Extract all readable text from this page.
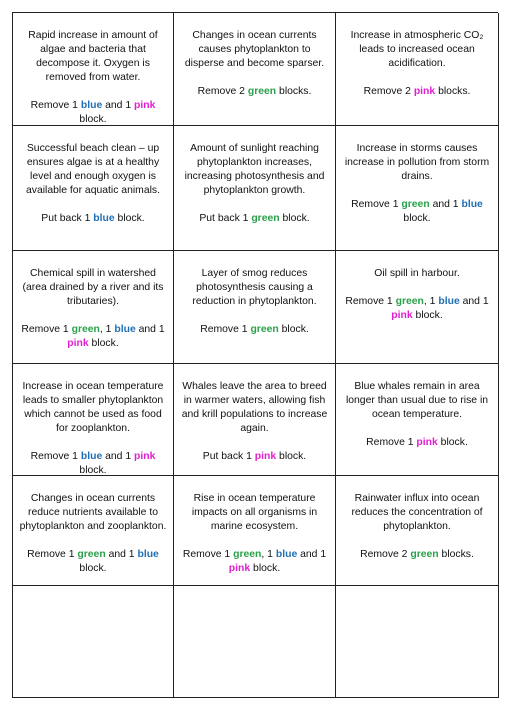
Rapid increase in amount of algae and bacteria that decompose it. Oxygen is removed from water.

Remove 1 blue and 1 pink block.

Changes in ocean currents causes phytoplankton to disperse and become sparser.

Remove 2 green blocks.

Increase in atmospheric CO₂ leads to increased ocean acidification.

Remove 2 pink blocks.

Successful beach clean – up ensures algae is at a healthy level and enough oxygen is available for aquatic animals.

Put back 1 blue block.

Amount of sunlight reaching phytoplankton increases, increasing photosynthesis and phytoplankton growth.

Put back 1 green block.

Increase in storms causes increase in pollution from storm drains.

Remove 1 green and 1 blue block.

Chemical spill in watershed (area drained by a river and its tributaries).

Remove 1 green, 1 blue and 1 pink block.

Layer of smog reduces photosynthesis causing a reduction in phytoplankton.

Remove 1 green block.

Oil spill in harbour.

Remove 1 green, 1 blue and 1 pink block.

Increase in ocean temperature leads to smaller phytoplankton which cannot be used as food for zooplankton.

Remove 1 blue and 1 pink block.

Whales leave the area to breed in warmer waters, allowing fish and krill populations to increase again.

Put back 1 pink block.

Blue whales remain in area longer than usual due to rise in ocean temperature.

Remove 1 pink block.

Changes in ocean currents reduce nutrients available to phytoplankton and zooplankton.

Remove 1 green and 1 blue block.

Rise in ocean temperature impacts on all organisms in marine ecosystem.

Remove 1 green, 1 blue and 1 pink block.

Rainwater influx into ocean reduces the concentration of phytoplankton.

Remove 2 green blocks.
